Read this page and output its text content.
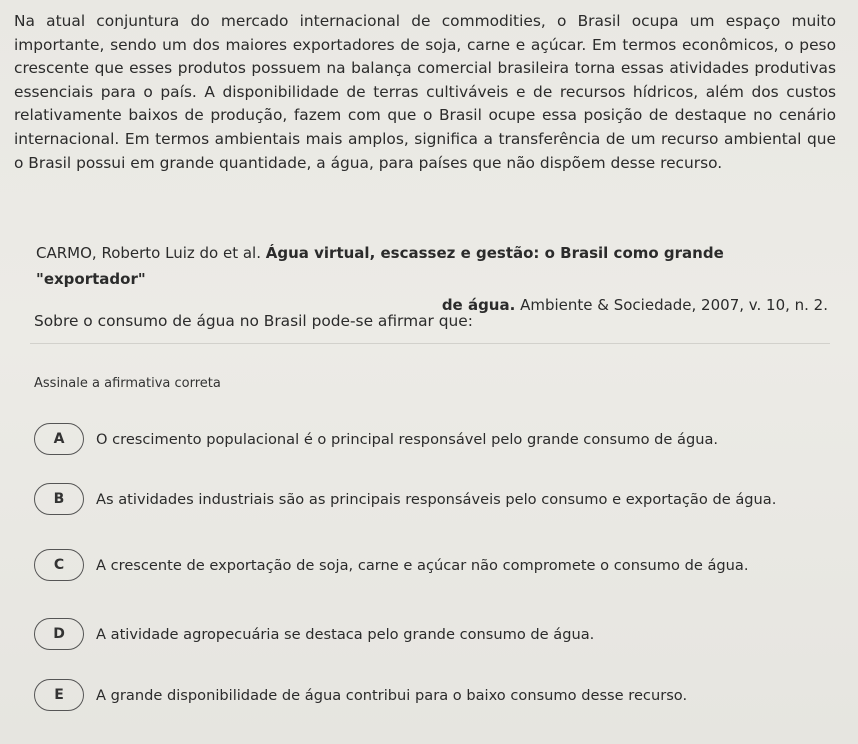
Na atual conjuntura do mercado internacional de commodities, o Brasil ocupa um espaço muito importante, sendo um dos maiores exportadores de soja, carne e açúcar. Em termos econômicos, o peso crescente que esses produtos possuem na balança comercial brasileira torna essas atividades produtivas essenciais para o país. A disponibilidade de terras cultiváveis e de recursos hídricos, além dos custos relativamente baixos de produção, fazem com que o Brasil ocupe essa posição de destaque no cenário internacional. Em termos ambientais mais amplos, significa a transferência de um recurso ambiental que o Brasil possui em grande quantidade, a água, para países que não dispõem desse recurso.

CARMO, Roberto Luiz do et al. Água virtual, escassez e gestão: o Brasil como grande "exportador"
de água. Ambiente & Sociedade, 2007, v. 10, n. 2.

Sobre o consumo de água no Brasil pode-se afirmar que:

Assinale a afirmativa correta

A	O crescimento populacional é o principal responsável pelo grande consumo de água.
B	As atividades industriais são as principais responsáveis pelo consumo e exportação de água.
C	A crescente de exportação de soja, carne e açúcar não compromete o consumo de água.
D	A atividade agropecuária se destaca pelo grande consumo de água.
E	A grande disponibilidade de água contribui para o baixo consumo desse recurso.
